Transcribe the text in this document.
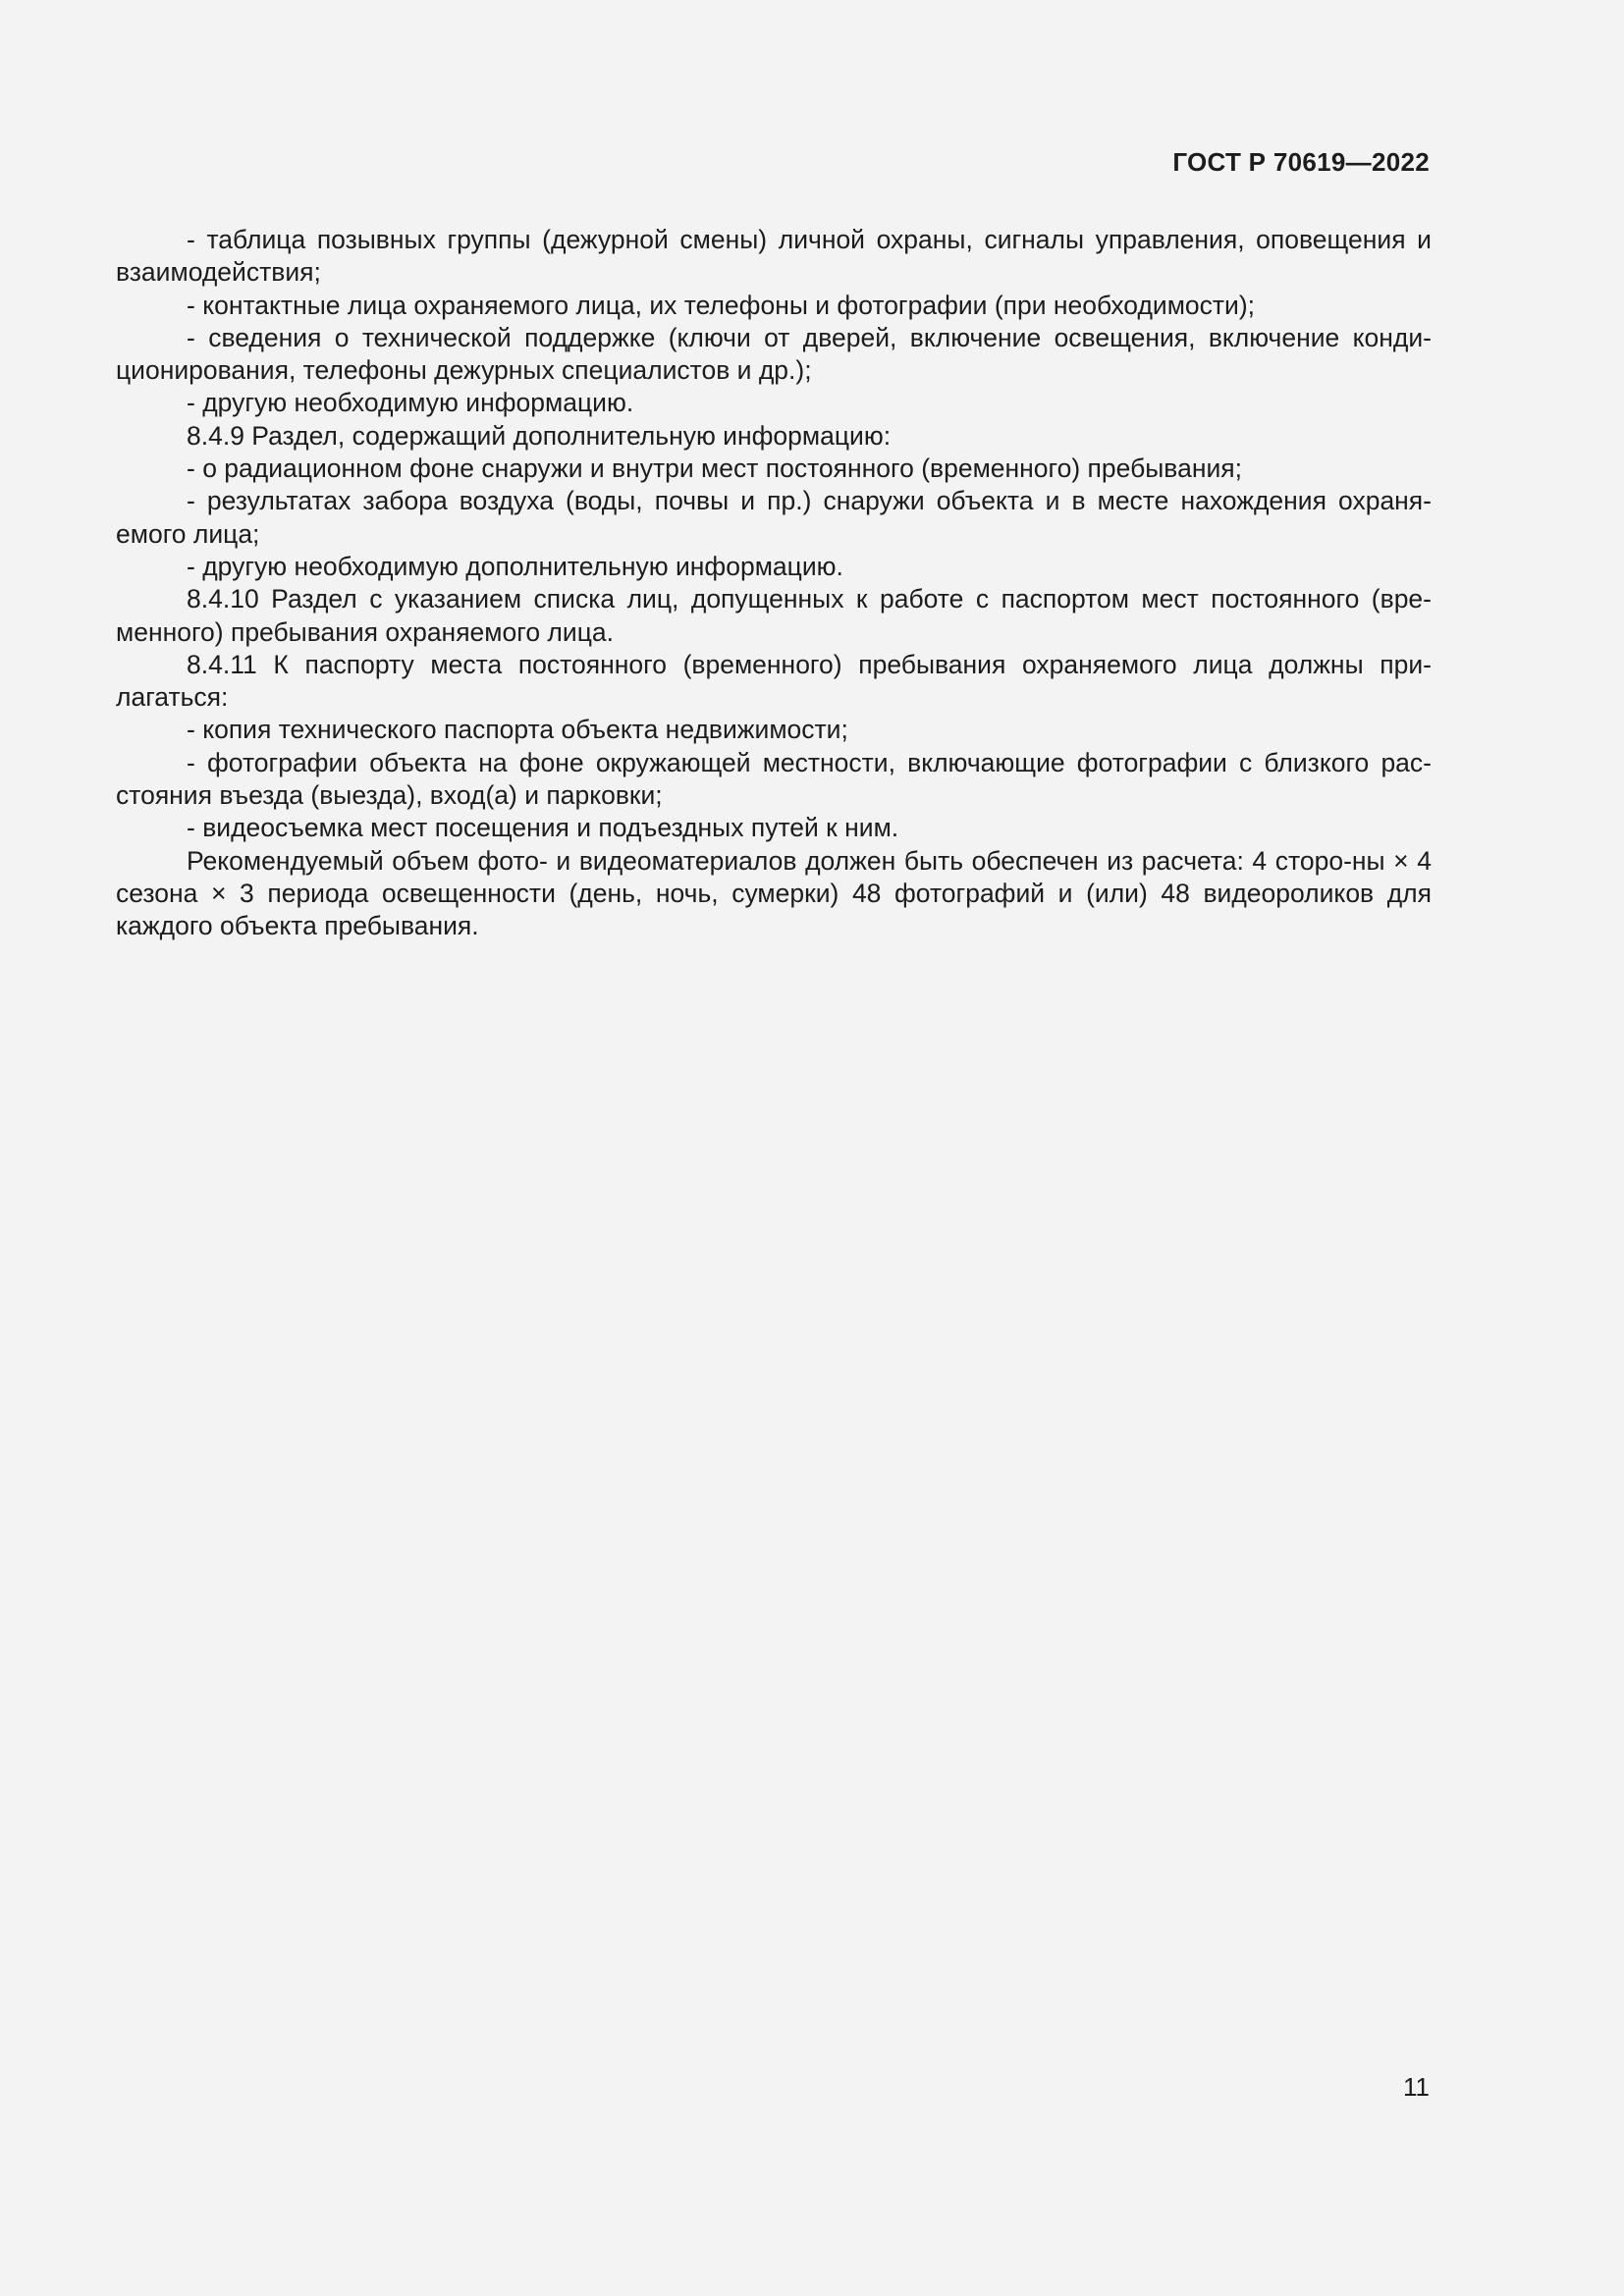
ГОСТ Р 70619—2022

- таблица позывных группы (дежурной смены) личной охраны, сигналы управления, оповещения и взаимодействия;

- контактные лица охраняемого лица, их телефоны и фотографии (при необходимости);

- сведения о технической поддержке (ключи от дверей, включение освещения, включение конди-ционирования, телефоны дежурных специалистов и др.);

- другую необходимую информацию.

8.4.9 Раздел, содержащий дополнительную информацию:

- о радиационном фоне снаружи и внутри мест постоянного (временного) пребывания;

- результатах забора воздуха (воды, почвы и пр.) снаружи объекта и в месте нахождения охраня-емого лица;

- другую необходимую дополнительную информацию.

8.4.10 Раздел с указанием списка лиц, допущенных к работе с паспортом мест постоянного (вре-менного) пребывания охраняемого лица.

8.4.11 К паспорту места постоянного (временного) пребывания охраняемого лица должны при-лагаться:

- копия технического паспорта объекта недвижимости;

- фотографии объекта на фоне окружающей местности, включающие фотографии с близкого рас-стояния въезда (выезда), вход(а) и парковки;

- видеосъемка мест посещения и подъездных путей к ним.

Рекомендуемый объем фото- и видеоматериалов должен быть обеспечен из расчета: 4 сторо-ны × 4 сезона × 3 периода освещенности (день, ночь, сумерки) 48 фотографий и (или) 48 видеороликов для каждого объекта пребывания.

11
